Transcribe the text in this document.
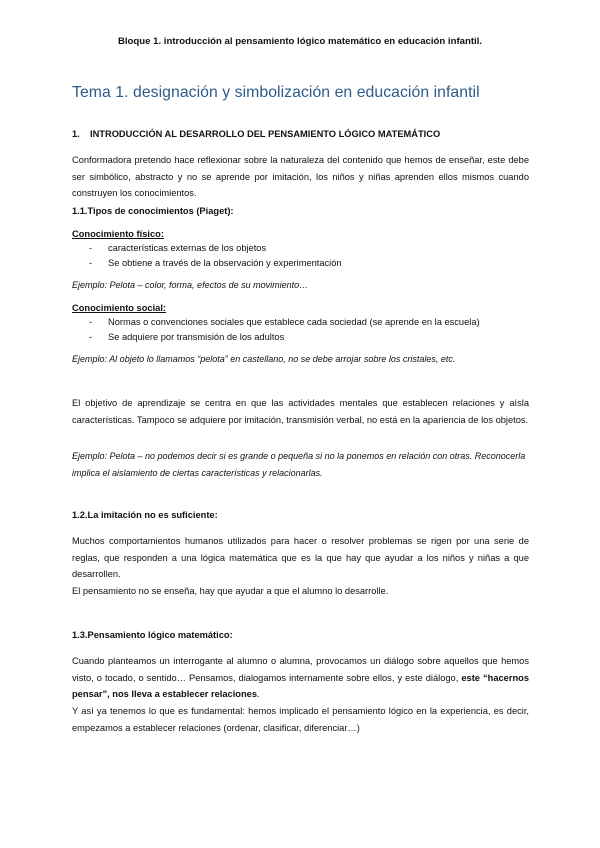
Bloque 1. introducción al pensamiento lógico matemático en educación infantil.
Tema 1. designación y simbolización en educación infantil
1. INTRODUCCIÓN AL DESARROLLO DEL PENSAMIENTO LÓGICO MATEMÁTICO
Conformadora pretendo hace reflexionar sobre la naturaleza del contenido que hemos de enseñar, este debe ser simbólico, abstracto y no se aprende por imitación, los niños y niñas aprenden ellos mismos cuando construyen los conocimientos.
1.1.Tipos de conocimientos (Piaget):
Conocimiento físico:
- características externas de los objetos
- Se obtiene a través de la observación y experimentación
Ejemplo: Pelota – color, forma, efectos de su movimiento…
Conocimiento social:
- Normas o convenciones sociales que establece cada sociedad (se aprende en la escuela)
- Se adquiere por transmisión de los adultos
Ejemplo: Al objeto lo llamamos “pelota” en castellano, no se debe arrojar sobre los cristales, etc.
El objetivo de aprendizaje se centra en que las actividades mentales que establecen relaciones y aísla características. Tampoco se adquiere por imitación, transmisión verbal, no está en la apariencia de los objetos.
Ejemplo: Pelota – no podemos decir si es grande o pequeña si no la ponemos en relación con otras. Reconocerla implica el aislamiento de ciertas características y relacionarlas.
1.2.La imitación no es suficiente:
Muchos comportamientos humanos utilizados para hacer o resolver problemas se rigen por una serie de reglas, que responden a una lógica matemática que es la que hay que ayudar a los niños y niñas a que desarrollen.
El pensamiento no se enseña, hay que ayudar a que el alumno lo desarrolle.
1.3.Pensamiento lógico matemático:
Cuando planteamos un interrogante al alumno o alumna, provocamos un diálogo sobre aquellos que hemos visto, o tocado, o sentido… Pensamos, dialogamos internamente sobre ellos, y este diálogo, este “hacernos pensar”, nos lleva a establecer relaciones.
Y así ya tenemos lo que es fundamental: hemos implicado el pensamiento lógico en la experiencia, es decir, empezamos a establecer relaciones (ordenar, clasificar, diferenciar…)
